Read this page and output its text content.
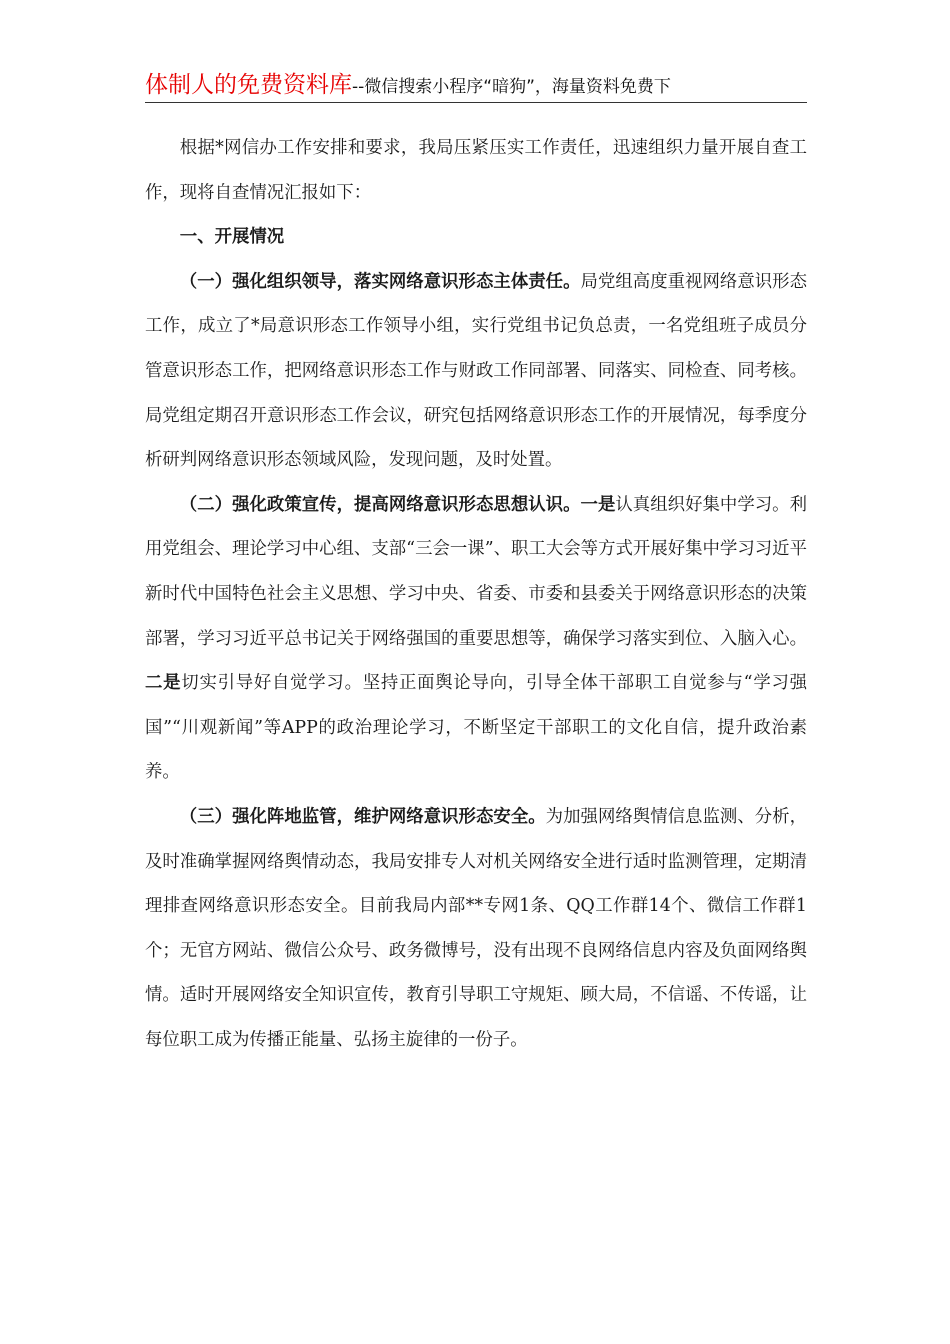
体制人的免费资料库--微信搜索小程序“暗狗”，海量资料免费下

根据*网信办工作安排和要求，我局压紧压实工作责任，迅速组织力量开展自查工作，现将自查情况汇报如下：

一、开展情况

（一）强化组织领导，落实网络意识形态主体责任。局党组高度重视网络意识形态工作，成立了*局意识形态工作领导小组，实行党组书记负总责，一名党组班子成员分管意识形态工作，把网络意识形态工作与财政工作同部署、同落实、同检查、同考核。局党组定期召开意识形态工作会议，研究包括网络意识形态工作的开展情况，每季度分析研判网络意识形态领域风险，发现问题，及时处置。

（二）强化政策宣传，提高网络意识形态思想认识。一是认真组织好集中学习。利用党组会、理论学习中心组、支部“三会一课”、职工大会等方式开展好集中学习习近平新时代中国特色社会主义思想、学习中央、省委、市委和县委关于网络意识形态的决策部署，学习习近平总书记关于网络强国的重要思想等，确保学习落实到位、入脑入心。二是切实引导好自觉学习。坚持正面舆论导向，引导全体干部职工自觉参与“学习强国”“川观新闻”等APP的政治理论学习，不断坚定干部职工的文化自信，提升政治素养。

（三）强化阵地监管，维护网络意识形态安全。为加强网络舆情信息监测、分析，及时准确掌握网络舆情动态，我局安排专人对机关网络安全进行适时监测管理，定期清理排查网络意识形态安全。目前我局内部**专网1条、QQ工作群14个、微信工作群1个；无官方网站、微信公众号、政务微博号，没有出现不良网络信息内容及负面网络舆情。适时开展网络安全知识宣传，教育引导职工守规矩、顾大局，不信谣、不传谣，让每位职工成为传播正能量、弘扬主旋律的一份子。
